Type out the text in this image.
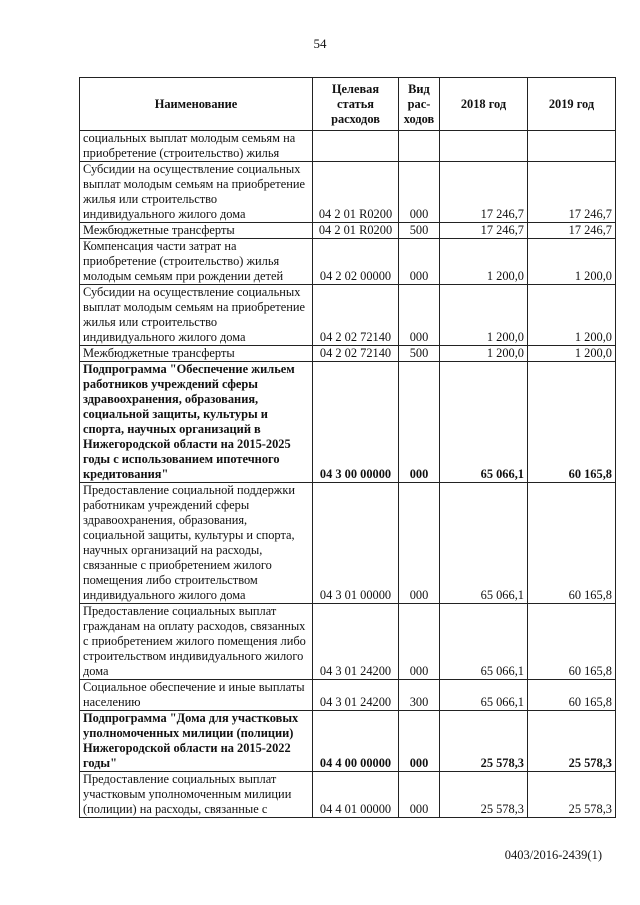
54
Наименование	Целевая статья расходов	Вид рас-ходов	2018 год	2019 год
социальных выплат молодым семьям на приобретение (строительство) жилья				
Субсидии на осуществление социальных выплат молодым семьям на приобретение жилья или строительство индивидуального жилого дома	04 2 01 R0200	000	17 246,7	17 246,7
Межбюджетные трансферты	04 2 01 R0200	500	17 246,7	17 246,7
Компенсация части затрат на приобретение (строительство) жилья молодым семьям при рождении детей	04 2 02 00000	000	1 200,0	1 200,0
Субсидии на осуществление социальных выплат молодым семьям на приобретение жилья или строительство индивидуального жилого дома	04 2 02 72140	000	1 200,0	1 200,0
Межбюджетные трансферты	04 2 02 72140	500	1 200,0	1 200,0
Подпрограмма "Обеспечение жильем работников учреждений сферы здравоохранения, образования, социальной защиты, культуры и спорта, научных организаций в Нижегородской области на 2015-2025 годы с использованием ипотечного кредитования"	04 3 00 00000	000	65 066,1	60 165,8
Предоставление социальной поддержки работникам учреждений сферы здравоохранения, образования, социальной защиты, культуры и спорта, научных организаций на расходы, связанные с приобретением жилого помещения либо строительством индивидуального жилого дома	04 3 01 00000	000	65 066,1	60 165,8
Предоставление социальных выплат гражданам на оплату расходов, связанных с приобретением жилого помещения либо строительством индивидуального жилого дома	04 3 01 24200	000	65 066,1	60 165,8
Социальное обеспечение и иные выплаты населению	04 3 01 24200	300	65 066,1	60 165,8
Подпрограмма "Дома для участковых уполномоченных милиции (полиции) Нижегородской области на 2015-2022 годы"	04 4 00 00000	000	25 578,3	25 578,3
Предоставление социальных выплат участковым уполномоченным милиции (полиции) на расходы, связанные с	04 4 01 00000	000	25 578,3	25 578,3
0403/2016-2439(1)
